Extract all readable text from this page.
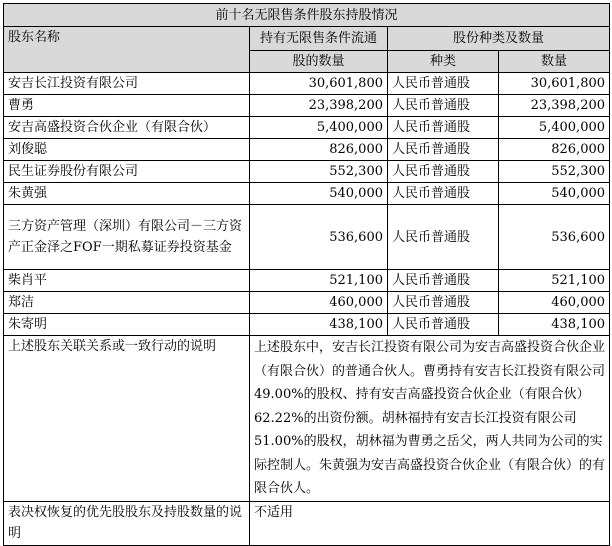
前十名无限售条件股东持股情况			
股东名称	持有无限售条件流通	股份种类及数量	
	股的数量	种类	数量
安吉长江投资有限公司	30,601,800	人民币普通股	30,601,800
曹勇	23,398,200	人民币普通股	23,398,200
安吉高盛投资合伙企业（有限合伙）	5,400,000	人民币普通股	5,400,000
刘俊聪	826,000	人民币普通股	826,000
民生证券股份有限公司	552,300	人民币普通股	552,300
朱黄强	540,000	人民币普通股	540,000
三方资产管理（深圳）有限公司－三方资产正金泽之FOF一期私募证券投资基金	536,600	人民币普通股	536,600
柴肖平	521,100	人民币普通股	521,100
郑洁	460,000	人民币普通股	460,000
朱寄明	438,100	人民币普通股	438,100
上述股东关联关系或一致行动的说明	上述股东中，安吉长江投资有限公司为安吉高盛投资合伙企业（有限合伙）的普通合伙人。曹勇持有安吉长江投资有限公司49.00%的股权、持有安吉高盛投资合伙企业（有限合伙）62.22%的出资份额。胡林福持有安吉长江投资有限公司51.00%的股权，胡林福为曹勇之岳父，两人共同为公司的实际控制人。朱黄强为安吉高盛投资合伙企业（有限合伙）的有限合伙人。		
表决权恢复的优先股股东及持股数量的说明	不适用		
